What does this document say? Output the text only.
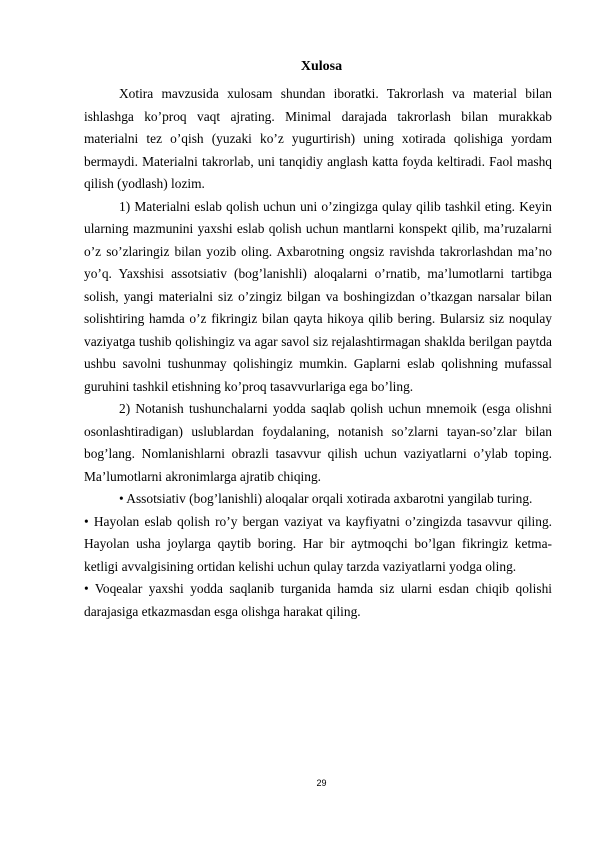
Xulosa

Xotira mavzusida xulosam shundan iboratki. Takrorlash va material bilan ishlashga ko’proq vaqt ajrating. Minimal darajada takrorlash bilan murakkab materialni tez o’qish (yuzaki ko’z yugurtirish) uning xotirada qolishiga yordam bermaydi. Materialni takrorlab, uni tanqidiy anglash katta foyda keltiradi. Faol mashq qilish (yodlash) lozim.

1) Materialni eslab qolish uchun uni o’zingizga qulay qilib tashkil eting. Keyin ularning mazmunini yaxshi eslab qolish uchun mantlarni konspekt qilib, ma’ruzalarni o’z so’zlaringiz bilan yozib oling. Axbarotning ongsiz ravishda takrorlashdan ma’no yo’q. Yaxshisi assotsiativ (bog’lanishli) aloqalarni o’rnatib, ma’lumotlarni tartibga solish, yangi materialni siz o’zingiz bilgan va boshingizdan o’tkazgan narsalar bilan solishtiring hamda o’z fikringiz bilan qayta hikoya qilib bering. Bularsiz siz noqulay vaziyatga tushib qolishingiz va agar savol siz rejalashtirmagan shaklda berilgan paytda ushbu savolni tushunmay qolishingiz mumkin. Gaplarni eslab qolishning mufassal guruhini tashkil etishning ko’proq tasavvurlariga ega bo’ling.

2) Notanish tushunchalarni yodda saqlab qolish uchun mnemoik (esga olishni osonlashtiradigan) uslublardan foydalaning, notanish so’zlarni tayan-so’zlar bilan bog’lang. Nomlanishlarni obrazli tasavvur qilish uchun vaziyatlarni o’ylab toping. Ma’lumotlarni akronimlarga ajratib chiqing.

• Assotsiativ (bog’lanishli) aloqalar orqali xotirada axbarotni yangilab turing.

• Hayolan eslab qolish ro’y bergan vaziyat va kayfiyatni o’zingizda tasavvur qiling. Hayolan usha joylarga qaytib boring. Har bir aytmoqchi bo’lgan fikringiz ketma-ketligi avvalgisining ortidan kelishi uchun qulay tarzda vaziyatlarni yodga oling.

• Voqealar yaxshi yodda saqlanib turganida hamda siz ularni esdan chiqib qolishi darajasiga etkazmasdan esga olishga harakat qiling.

29
